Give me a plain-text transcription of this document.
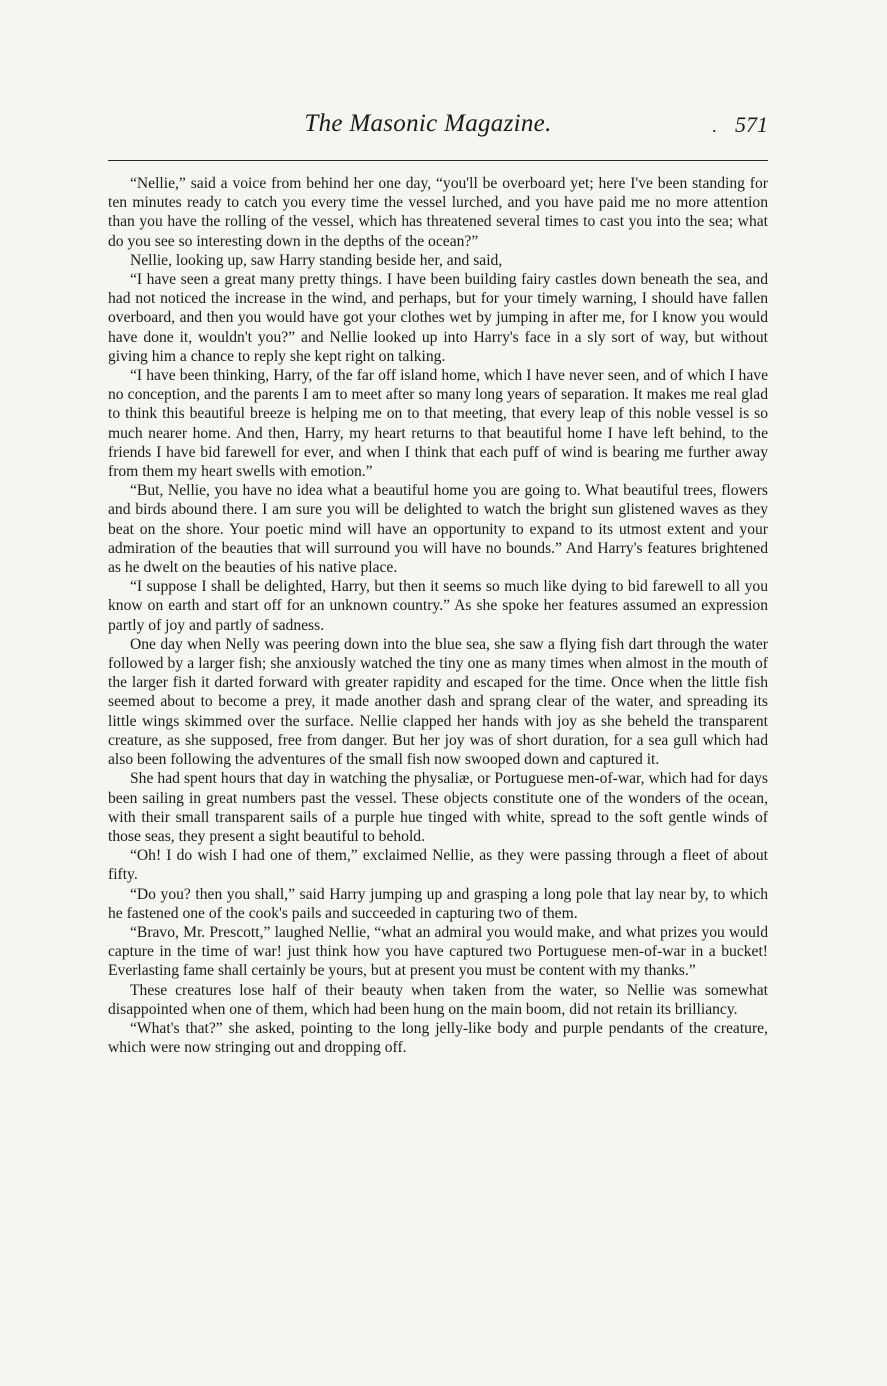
The Masonic Magazine.	. 571

“Nellie,” said a voice from behind her one day, “you'll be overboard yet; here I've been standing for ten minutes ready to catch you every time the vessel lurched, and you have paid me no more attention than you have the rolling of the vessel, which has threatened several times to cast you into the sea; what do you see so interesting down in the depths of the ocean?”

Nellie, looking up, saw Harry standing beside her, and said,

“I have seen a great many pretty things. I have been building fairy castles down beneath the sea, and had not noticed the increase in the wind, and perhaps, but for your timely warning, I should have fallen overboard, and then you would have got your clothes wet by jumping in after me, for I know you would have done it, wouldn't you?” and Nellie looked up into Harry's face in a sly sort of way, but without giving him a chance to reply she kept right on talking.

“I have been thinking, Harry, of the far off island home, which I have never seen, and of which I have no conception, and the parents I am to meet after so many long years of separation. It makes me real glad to think this beautiful breeze is helping me on to that meeting, that every leap of this noble vessel is so much nearer home. And then, Harry, my heart returns to that beautiful home I have left behind, to the friends I have bid farewell for ever, and when I think that each puff of wind is bearing me further away from them my heart swells with emotion.”

“But, Nellie, you have no idea what a beautiful home you are going to. What beautiful trees, flowers and birds abound there. I am sure you will be delighted to watch the bright sun glistened waves as they beat on the shore. Your poetic mind will have an opportunity to expand to its utmost extent and your admiration of the beauties that will surround you will have no bounds.” And Harry's features brightened as he dwelt on the beauties of his native place.

“I suppose I shall be delighted, Harry, but then it seems so much like dying to bid farewell to all you know on earth and start off for an unknown country.” As she spoke her features assumed an expression partly of joy and partly of sadness.

One day when Nelly was peering down into the blue sea, she saw a flying fish dart through the water followed by a larger fish; she anxiously watched the tiny one as many times when almost in the mouth of the larger fish it darted forward with greater rapidity and escaped for the time. Once when the little fish seemed about to become a prey, it made another dash and sprang clear of the water, and spreading its little wings skimmed over the surface. Nellie clapped her hands with joy as she beheld the transparent creature, as she supposed, free from danger. But her joy was of short duration, for a sea gull which had also been following the adventures of the small fish now swooped down and captured it.

She had spent hours that day in watching the physaliæ, or Portuguese men-of-war, which had for days been sailing in great numbers past the vessel. These objects constitute one of the wonders of the ocean, with their small transparent sails of a purple hue tinged with white, spread to the soft gentle winds of those seas, they present a sight beautiful to behold.

“Oh! I do wish I had one of them,” exclaimed Nellie, as they were passing through a fleet of about fifty.

“Do you? then you shall,” said Harry jumping up and grasping a long pole that lay near by, to which he fastened one of the cook's pails and succeeded in capturing two of them.

“Bravo, Mr. Prescott,” laughed Nellie, “what an admiral you would make, and what prizes you would capture in the time of war! just think how you have captured two Portuguese men-of-war in a bucket! Everlasting fame shall certainly be yours, but at present you must be content with my thanks.”

These creatures lose half of their beauty when taken from the water, so Nellie was somewhat disappointed when one of them, which had been hung on the main boom, did not retain its brilliancy.

“What's that?” she asked, pointing to the long jelly-like body and purple pendants of the creature, which were now stringing out and dropping off.
